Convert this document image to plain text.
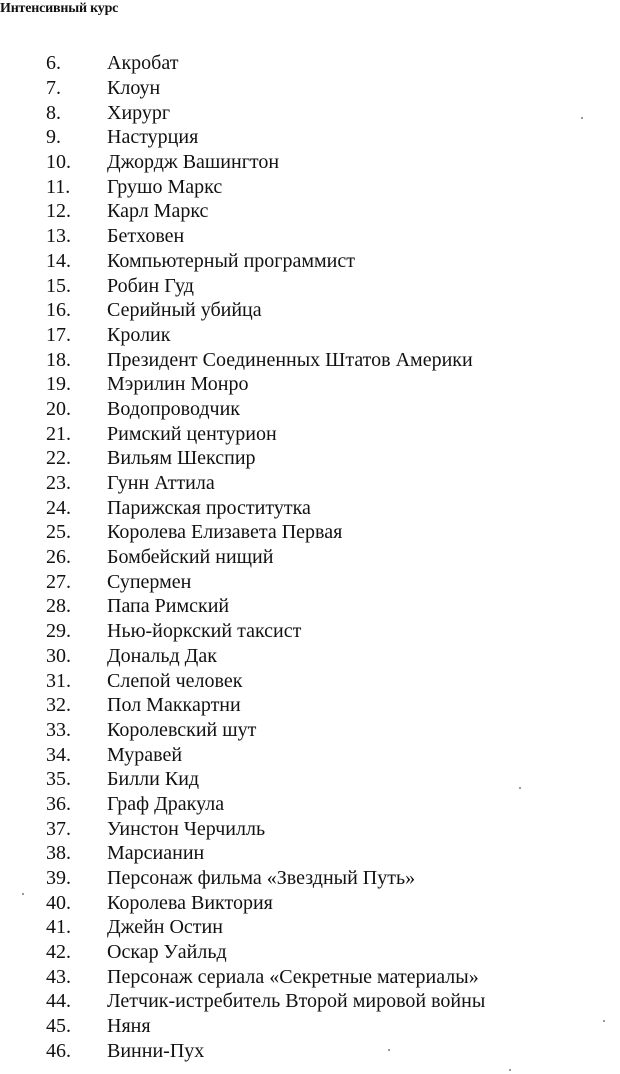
Интенсивный курс
6.	Акробат
7.	Клоун
8.	Хирург
9.	Настурция
10.	Джордж Вашингтон
11.	Грушо Маркс
12.	Карл Маркс
13.	Бетховен
14.	Компьютерный программист
15.	Робин Гуд
16.	Серийный убийца
17.	Кролик
18.	Президент Соединенных Штатов Америки
19.	Мэрилин Монро
20.	Водопроводчик
21.	Римский центурион
22.	Вильям Шекспир
23.	Гунн Аттила
24.	Парижская проститутка
25.	Королева Елизавета Первая
26.	Бомбейский нищий
27.	Супермен
28.	Папа Римский
29.	Нью-йоркский таксист
30.	Дональд Дак
31.	Слепой человек
32.	Пол Маккартни
33.	Королевский шут
34.	Муравей
35.	Билли Кид
36.	Граф Дракула
37.	Уинстон Черчилль
38.	Марсианин
39.	Персонаж фильма «Звездный Путь»
40.	Королева Виктория
41.	Джейн Остин
42.	Оскар Уайльд
43.	Персонаж сериала «Секретные материалы»
44.	Летчик-истребитель Второй мировой войны
45.	Няня
46.	Винни-Пух
